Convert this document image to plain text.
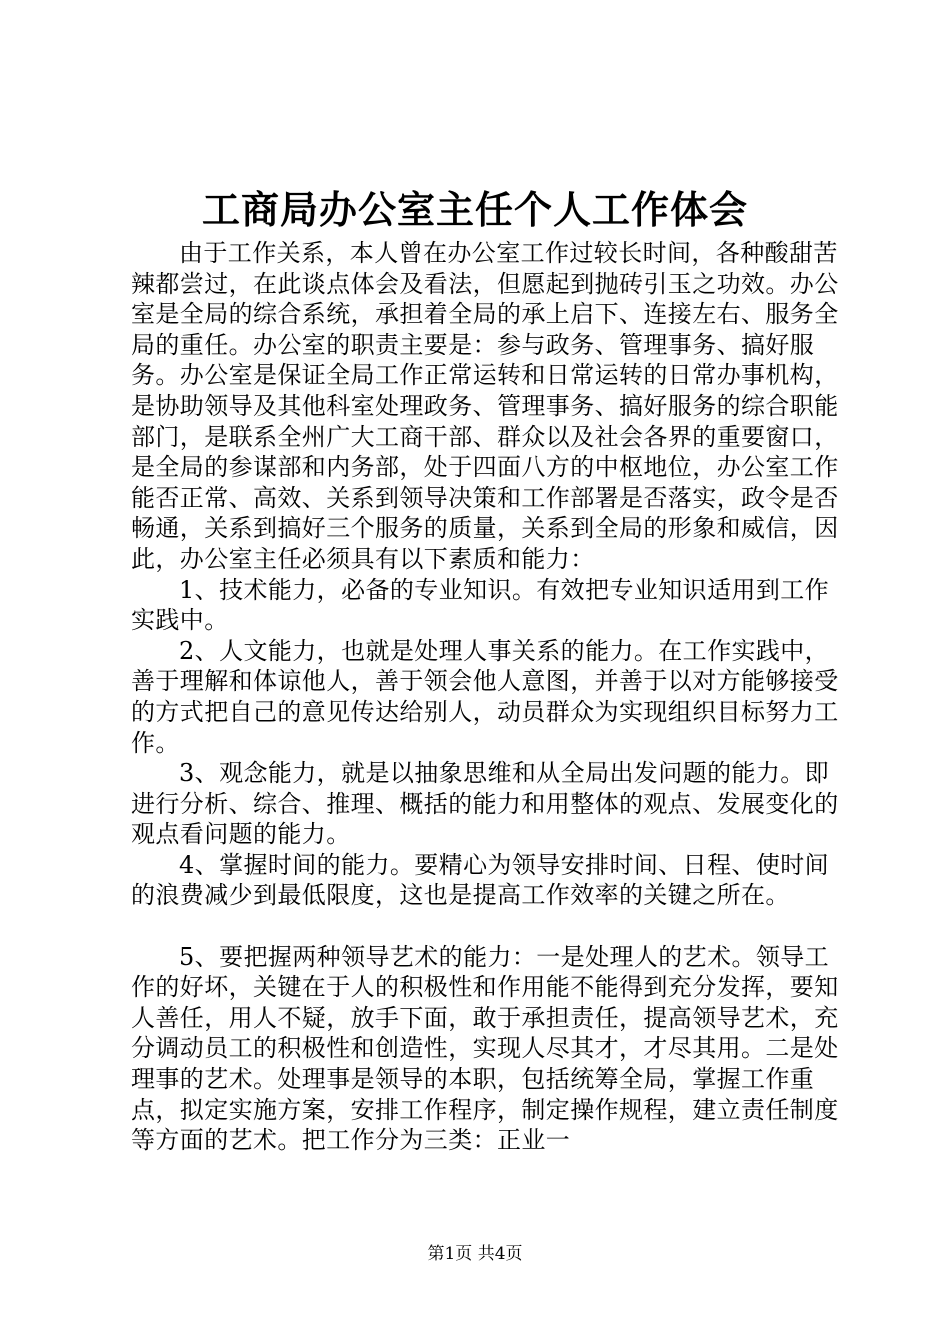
工商局办公室主任个人工作体会

由于工作关系，本人曾在办公室工作过较长时间，各种酸甜苦辣都尝过，在此谈点体会及看法，但愿起到抛砖引玉之功效。办公室是全局的综合系统，承担着全局的承上启下、连接左右、服务全局的重任。办公室的职责主要是：参与政务、管理事务、搞好服务。办公室是保证全局工作正常运转和日常运转的日常办事机构，是协助领导及其他科室处理政务、管理事务、搞好服务的综合职能部门，是联系全州广大工商干部、群众以及社会各界的重要窗口，是全局的参谋部和内务部，处于四面八方的中枢地位，办公室工作能否正常、高效、关系到领导决策和工作部署是否落实，政令是否畅通，关系到搞好三个服务的质量，关系到全局的形象和威信，因此，办公室主任必须具有以下素质和能力：

1、技术能力，必备的专业知识。有效把专业知识适用到工作实践中。

2、人文能力，也就是处理人事关系的能力。在工作实践中，善于理解和体谅他人，善于领会他人意图，并善于以对方能够接受的方式把自己的意见传达给别人，动员群众为实现组织目标努力工作。

3、观念能力，就是以抽象思维和从全局出发问题的能力。即进行分析、综合、推理、概括的能力和用整体的观点、发展变化的观点看问题的能力。

4、掌握时间的能力。要精心为领导安排时间、日程、使时间的浪费减少到最低限度，这也是提高工作效率的关键之所在。

5、要把握两种领导艺术的能力：一是处理人的艺术。领导工作的好坏，关键在于人的积极性和作用能不能得到充分发挥，要知人善任，用人不疑，放手下面，敢于承担责任，提高领导艺术，充分调动员工的积极性和创造性，实现人尽其才，才尽其用。二是处理事的艺术。处理事是领导的本职，包括统筹全局，掌握工作重点，拟定实施方案，安排工作程序，制定操作规程，建立责任制度等方面的艺术。把工作分为三类：正业一

第1页 共4页
